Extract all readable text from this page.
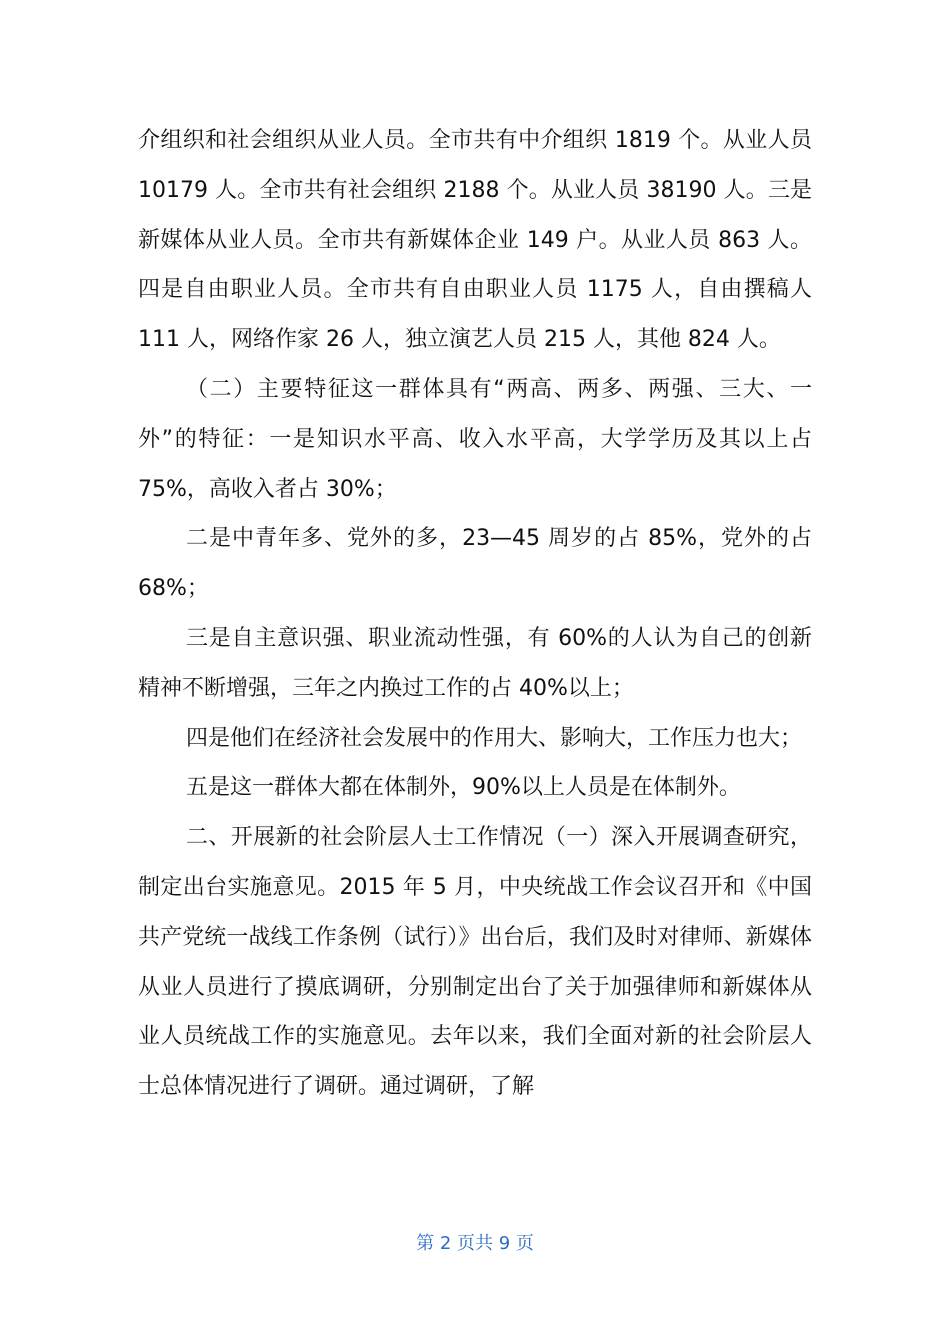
介组织和社会组织从业人员。全市共有中介组织 1819 个。从业人员 10179 人。全市共有社会组织 2188 个。从业人员 38190 人。三是新媒体从业人员。全市共有新媒体企业 149 户。从业人员 863 人。四是自由职业人员。全市共有自由职业人员 1175 人，自由撰稿人 111 人，网络作家 26 人，独立演艺人员 215 人，其他 824 人。

（二）主要特征这一群体具有“两高、两多、两强、三大、一外”的特征：一是知识水平高、收入水平高，大学学历及其以上占 75%，高收入者占 30%；

二是中青年多、党外的多，23—45 周岁的占 85%，党外的占 68%；

三是自主意识强、职业流动性强，有 60%的人认为自己的创新精神不断增强，三年之内换过工作的占 40%以上；

四是他们在经济社会发展中的作用大、影响大，工作压力也大；

五是这一群体大都在体制外，90%以上人员是在体制外。

二、开展新的社会阶层人士工作情况（一）深入开展调查研究，制定出台实施意见。2015 年 5 月，中央统战工作会议召开和《中国共产党统一战线工作条例（试行）》出台后，我们及时对律师、新媒体从业人员进行了摸底调研，分别制定出台了关于加强律师和新媒体从业人员统战工作的实施意见。去年以来，我们全面对新的社会阶层人士总体情况进行了调研。通过调研，了解

第 2 页共 9 页
